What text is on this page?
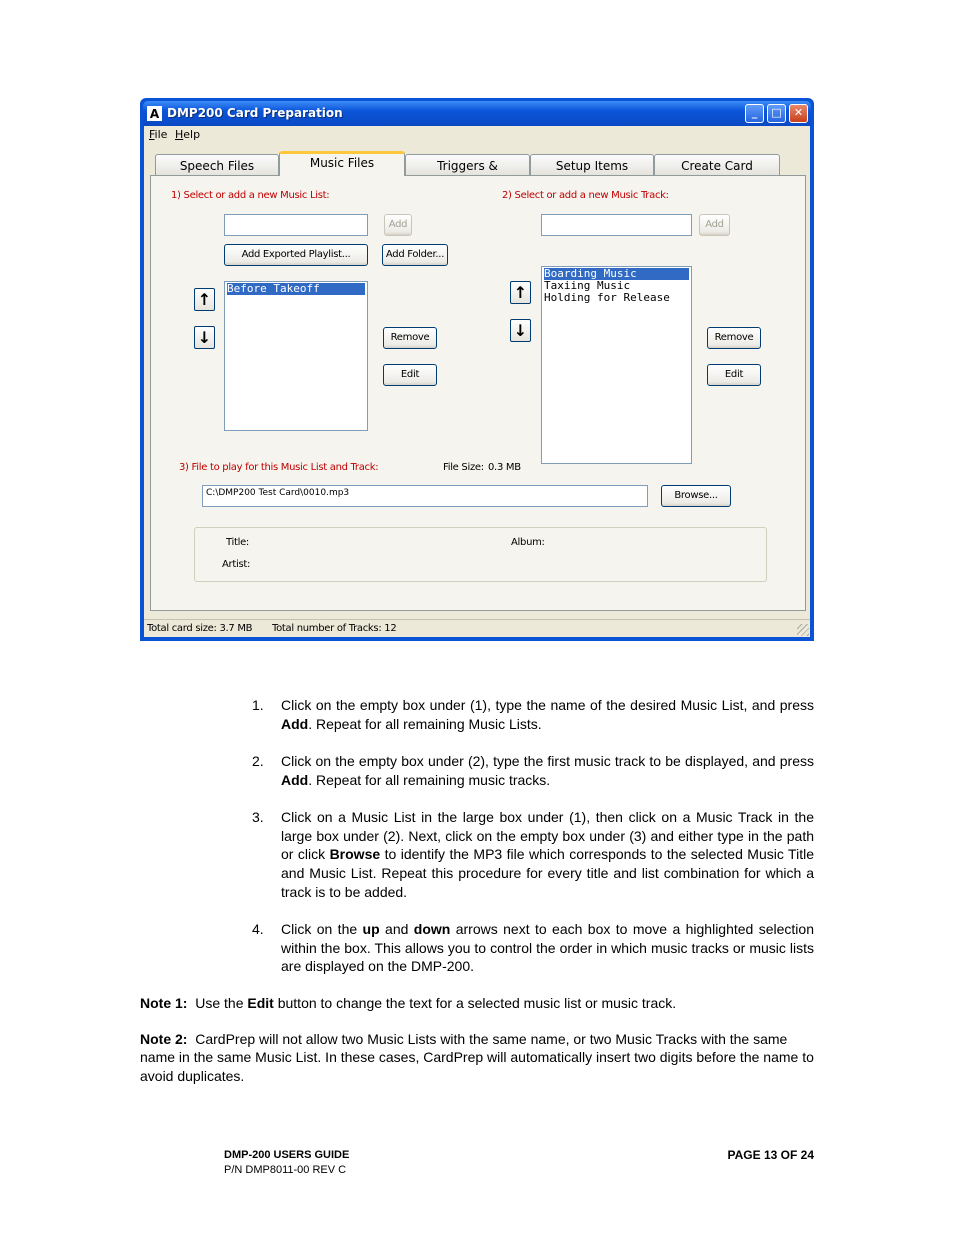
A DMP200 Card Preparation	_	□	✕
File Help
Speech Files	Music Files	Triggers &	Setup Items	Create Card
1) Select or add a new Music List:
Add
Add Exported Playlist...	Add Folder...
↑
↓
Before Takeoff
Remove
Edit
2) Select or add a new Music Track:
Add
↑
↓
Boarding Music
Taxiing Music
Holding for Release
Remove
Edit
3) File to play for this Music List and Track:	File Size: 0.3 MB
C:\DMP200 Test Card\0010.mp3	Browse...
Title:
Artist:
Album:
Total card size: 3.7 MB Total number of Tracks: 12
1. Click on the empty box under (1), type the name of the desired Music List, and press Add. Repeat for all remaining Music Lists.
2. Click on the empty box under (2), type the first music track to be displayed, and press Add. Repeat for all remaining music tracks.
3. Click on a Music List in the large box under (1), then click on a Music Track in the large box under (2). Next, click on the empty box under (3) and either type in the path or click Browse to identify the MP3 file which corresponds to the selected Music Title and Music List. Repeat this procedure for every title and list combination for which a track is to be added.
4. Click on the up and down arrows next to each box to move a highlighted selection within the box. This allows you to control the order in which music tracks or music lists are displayed on the DMP-200.
Note 1: Use the Edit button to change the text for a selected music list or music track.
Note 2: CardPrep will not allow two Music Lists with the same name, or two Music Tracks with the same name in the same Music List. In these cases, CardPrep will automatically insert two digits before the name to avoid duplicates.
DMP-200 USERS GUIDE
P/N DMP8011-00 REV C
PAGE 13 OF 24
